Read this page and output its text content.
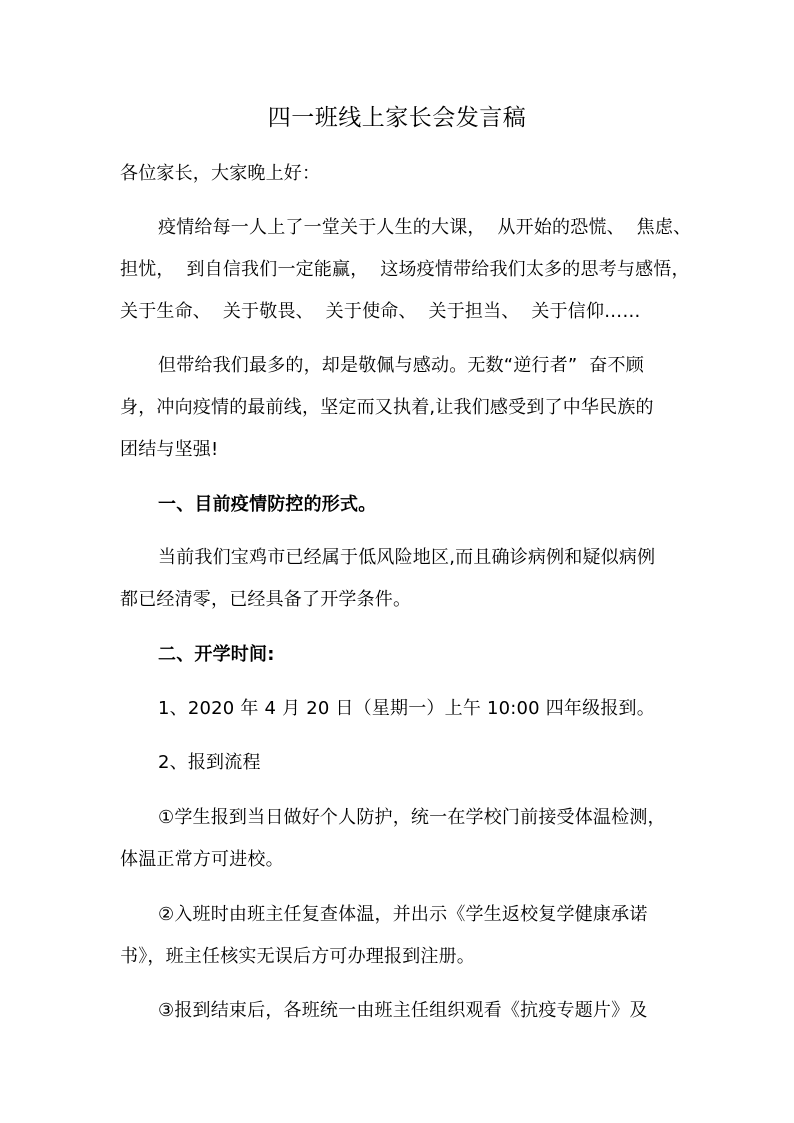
四一班线上家长会发言稿
各位家长，大家晚上好：
疫情给每一人上了一堂关于人生的大课，  从开始的恐慌、  焦虑、
担忧，  到自信我们一定能赢，  这场疫情带给我们太多的思考与感悟，
关于生命、  关于敬畏、  关于使命、  关于担当、  关于信仰……
但带给我们最多的，却是敬佩与感动。无数“逆行者”  奋不顾
身，冲向疫情的最前线，坚定而又执着,让我们感受到了中华民族的
团结与坚强!
一、目前疫情防控的形式。
当前我们宝鸡市已经属于低风险地区,而且确诊病例和疑似病例
都已经清零，已经具备了开学条件。
二、开学时间:
1、2020 年 4 月 20 日（星期一）上午 10:00 四年级报到。
2、报到流程
①学生报到当日做好个人防护，统一在学校门前接受体温检测，
体温正常方可进校。
②入班时由班主任复查体温，并出示《学生返校复学健康承诺
书》，班主任核实无误后方可办理报到注册。
③报到结束后，各班统一由班主任组织观看《抗疫专题片》及
